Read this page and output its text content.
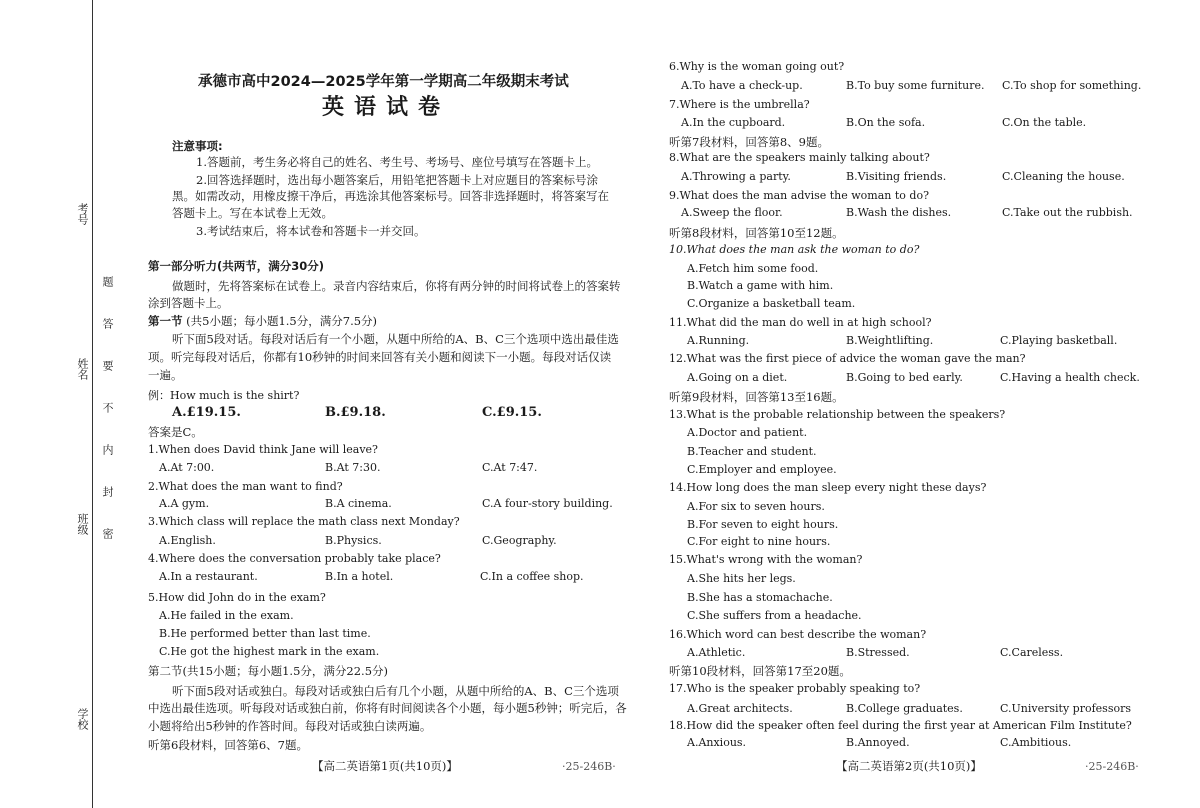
考号
姓名
班级
学校
题
答
要
不
内
封
密
承德市高中2024—2025学年第一学期高二年级期末考试
英语试卷
注意事项:
1.答题前，考生务必将自己的姓名、考生号、考场号、座位号填写在答题卡上。
2.回答选择题时，选出每小题答案后，用铅笔把答题卡上对应题目的答案标号涂
黑。如需改动，用橡皮擦干净后，再选涂其他答案标号。回答非选择题时，将答案写在
答题卡上。写在本试卷上无效。
3.考试结束后，将本试卷和答题卡一并交回。
第一部分听力(共两节，满分30分)
做题时，先将答案标在试卷上。录音内容结束后，你将有两分钟的时间将试卷上的答案转
涂到答题卡上。
第一节 (共5小题；每小题1.5分，满分7.5分)
听下面5段对话。每段对话后有一个小题，从题中所给的A、B、C三个选项中选出最佳选
项。听完每段对话后，你都有10秒钟的时间来回答有关小题和阅读下一小题。每段对话仅读
一遍。
例：How much is the shirt?
A.£19.15.	B.£9.18.	C.£9.15.
答案是C。
1.When does David think Jane will leave?
A.At 7:00.	B.At 7:30.	C.At 7:47.
2.What does the man want to find?
A.A gym.	B.A cinema.	C.A four-story building.
3.Which class will replace the math class next Monday?
A.English.	B.Physics.	C.Geography.
4.Where does the conversation probably take place?
A.In a restaurant.	B.In a hotel.	C.In a coffee shop.
5.How did John do in the exam?
A.He failed in the exam.
B.He performed better than last time.
C.He got the highest mark in the exam.
第二节(共15小题；每小题1.5分，满分22.5分)
听下面5段对话或独白。每段对话或独白后有几个小题，从题中所给的A、B、C三个选项
中选出最佳选项。听每段对话或独白前，你将有时间阅读各个小题，每小题5秒钟；听完后，各
小题将给出5秒钟的作答时间。每段对话或独白读两遍。
听第6段材料，回答第6、7题。
6.Why is the woman going out?
A.To have a check-up.	B.To buy some furniture. C.To shop for something.
7.Where is the umbrella?
A.In the cupboard.	B.On the sofa.	C.On the table.
听第7段材料，回答第8、9题。
8.What are the speakers mainly talking about?
A.Throwing a party.	B.Visiting friends.	C.Cleaning the house.
9.What does the man advise the woman to do?
A.Sweep the floor.	B.Wash the dishes.	C.Take out the rubbish.
听第8段材料，回答第10至12题。
10.What does the man ask the woman to do?
A.Fetch him some food.
B.Watch a game with him.
C.Organize a basketball team.
11.What did the man do well in at high school?
A.Running.	B.Weightlifting.	C.Playing basketball.
12.What was the first piece of advice the woman gave the man?
A.Going on a diet.	B.Going to bed early.	C.Having a health check.
听第9段材料，回答第13至16题。
13.What is the probable relationship between the speakers?
A.Doctor and patient.
B.Teacher and student.
C.Employer and employee.
14.How long does the man sleep every night these days?
A.For six to seven hours.
B.For seven to eight hours.
C.For eight to nine hours.
15.What's wrong with the woman?
A.She hits her legs.
B.She has a stomachache.
C.She suffers from a headache.
16.Which word can best describe the woman?
A.Athletic.	B.Stressed.	C.Careless.
听第10段材料，回答第17至20题。
17.Who is the speaker probably speaking to?
A.Great architects.	B.College graduates.	C.University professors
18.How did the speaker often feel during the first year at American Film Institute?
A.Anxious.	B.Annoyed.	C.Ambitious.
【高二英语第1页(共10页)】	·25-246B·	【高二英语第2页(共10页)】	·25-246B·
